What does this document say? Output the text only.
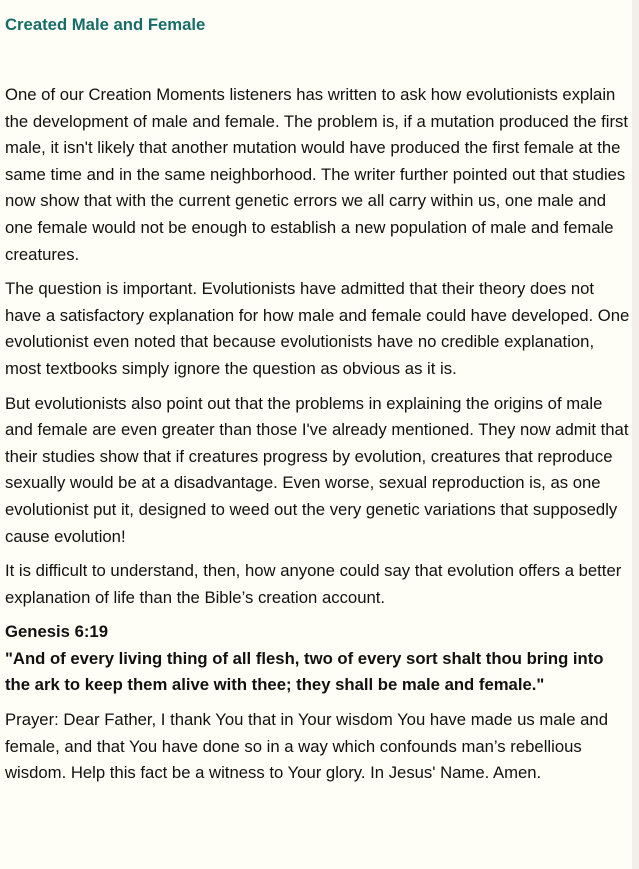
Created Male and Female

One of our Creation Moments listeners has written to ask how evolutionists explain the development of male and female. The problem is, if a mutation produced the first male, it isn't likely that another mutation would have produced the first female at the same time and in the same neighborhood. The writer further pointed out that studies now show that with the current genetic errors we all carry within us, one male and one female would not be enough to establish a new population of male and female creatures.

The question is important. Evolutionists have admitted that their theory does not have a satisfactory explanation for how male and female could have developed. One evolutionist even noted that because evolutionists have no credible explanation, most textbooks simply ignore the question as obvious as it is.

But evolutionists also point out that the problems in explaining the origins of male and female are even greater than those I've already mentioned. They now admit that their studies show that if creatures progress by evolution, creatures that reproduce sexually would be at a disadvantage. Even worse, sexual reproduction is, as one evolutionist put it, designed to weed out the very genetic variations that supposedly cause evolution!

It is difficult to understand, then, how anyone could say that evolution offers a better explanation of life than the Bible’s creation account.

Genesis 6:19

"And of every living thing of all flesh, two of every sort shalt thou bring into the ark to keep them alive with thee; they shall be male and female."

Prayer: Dear Father, I thank You that in Your wisdom You have made us male and female, and that You have done so in a way which confounds man’s rebellious wisdom. Help this fact be a witness to Your glory. In Jesus' Name. Amen.
